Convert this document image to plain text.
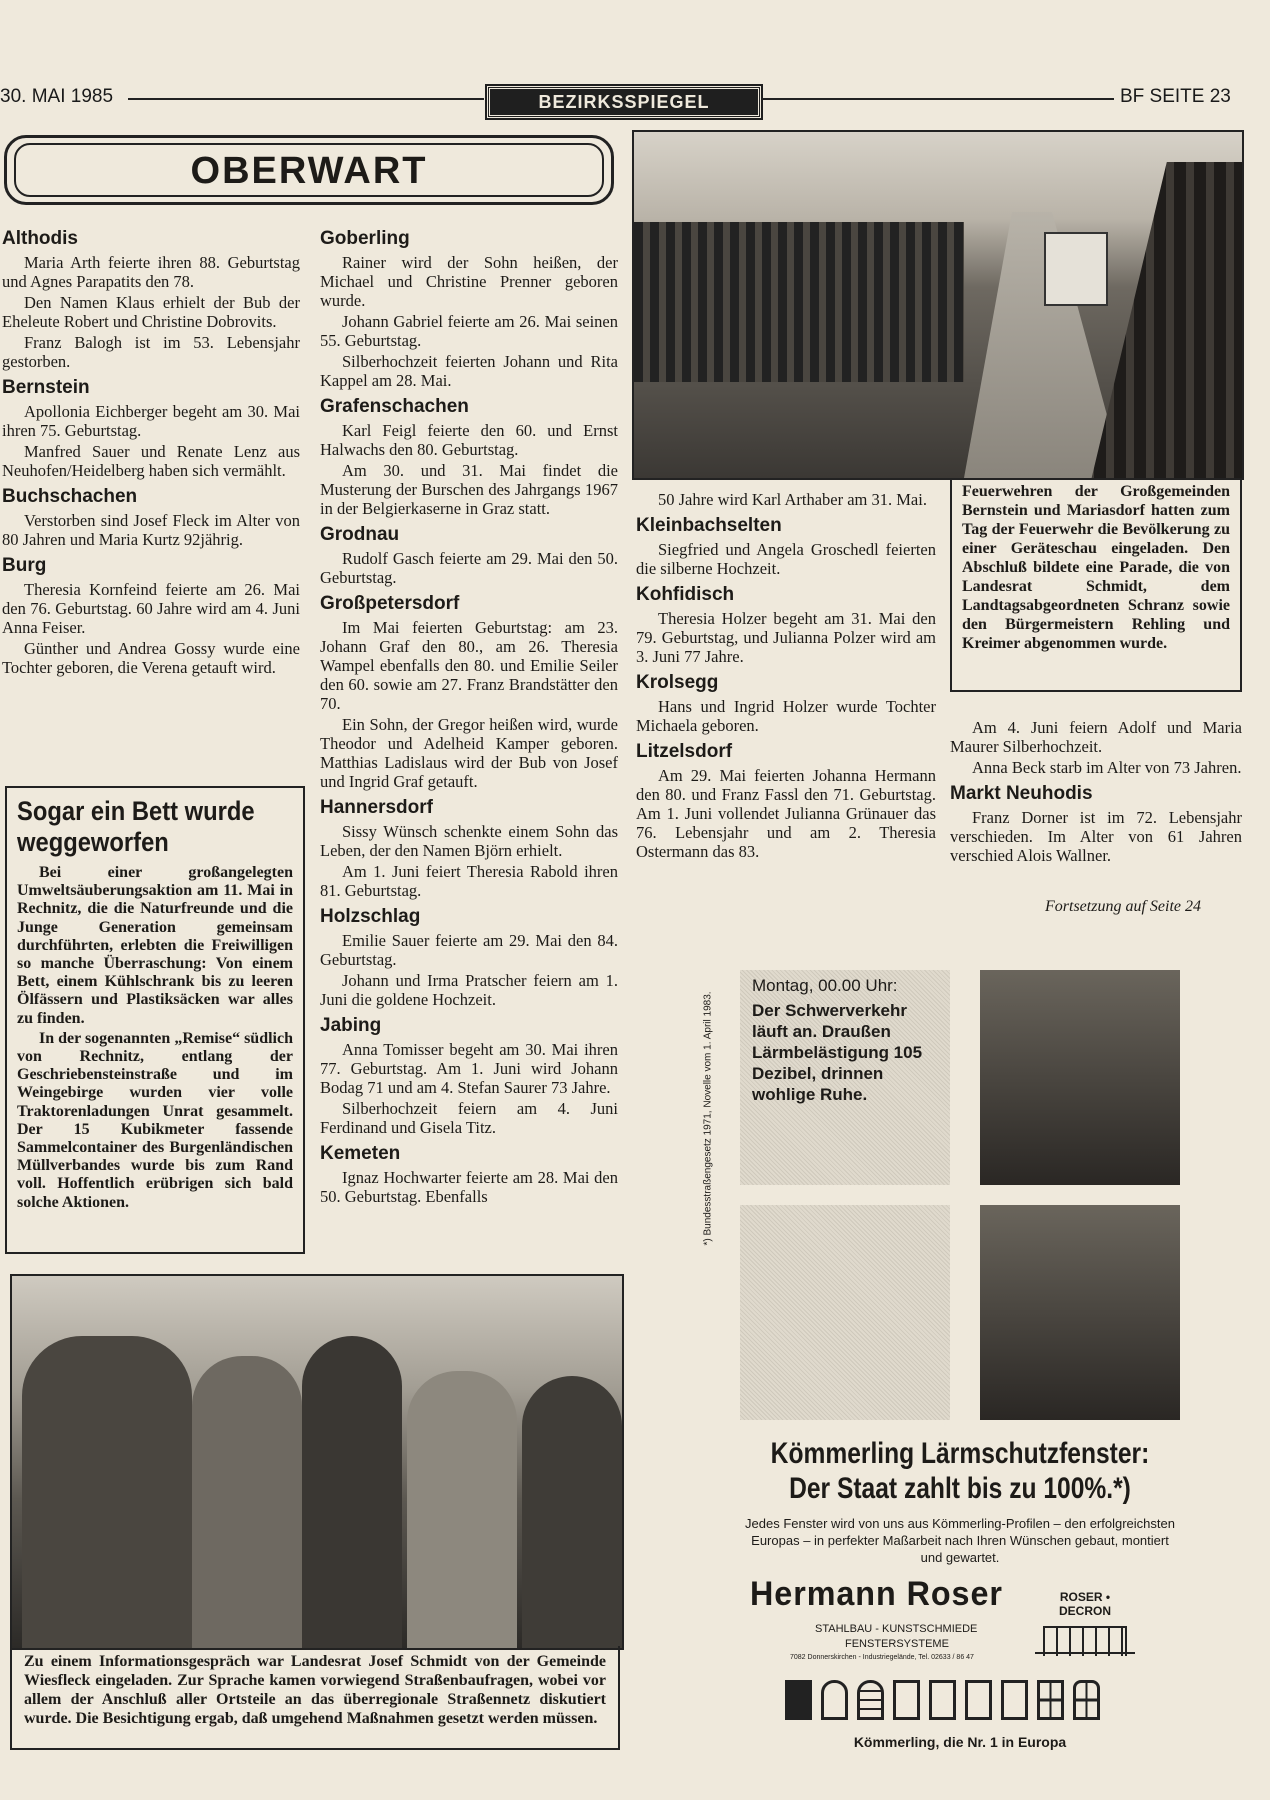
30. MAI 1985	BEZIRKSSPIEGEL	BF SEITE 23
OBERWART
Althodis

Maria Arth feierte ihren 88. Geburtstag und Agnes Parapatits den 78.

Den Namen Klaus erhielt der Bub der Eheleute Robert und Christine Dobrovits.

Franz Balogh ist im 53. Lebensjahr gestorben.

Bernstein

Apollonia Eichberger begeht am 30. Mai ihren 75. Geburtstag.

Manfred Sauer und Renate Lenz aus Neuhofen/Heidelberg haben sich vermählt.

Buchschachen

Verstorben sind Josef Fleck im Alter von 80 Jahren und Maria Kurtz 92jährig.

Burg

Theresia Kornfeind feierte am 26. Mai den 76. Geburtstag. 60 Jahre wird am 4. Juni Anna Feiser.

Günther und Andrea Gossy wurde eine Tochter geboren, die Verena getauft wird.

Sogar ein Bett wurde weggeworfen

Bei einer großangelegten Umweltsäuberungsaktion am 11. Mai in Rechnitz, die die Naturfreunde und die Junge Generation gemeinsam durchführten, erlebten die Freiwilligen so manche Überraschung: Von einem Bett, einem Kühlschrank bis zu leeren Ölfässern und Plastiksäcken war alles zu finden.

In der sogenannten „Remise“ südlich von Rechnitz, entlang der Geschriebensteinstraße und im Weingebirge wurden vier volle Traktorenladungen Unrat gesammelt. Der 15 Kubikmeter fassende Sammelcontainer des Burgenländischen Müllverbandes wurde bis zum Rand voll. Hoffentlich erübrigen sich bald solche Aktionen.

Goberling

Rainer wird der Sohn heißen, der Michael und Christine Prenner geboren wurde.

Johann Gabriel feierte am 26. Mai seinen 55. Geburtstag.

Silberhochzeit feierten Johann und Rita Kappel am 28. Mai.

Grafenschachen

Karl Feigl feierte den 60. und Ernst Halwachs den 80. Geburtstag.

Am 30. und 31. Mai findet die Musterung der Burschen des Jahrgangs 1967 in der Belgierkaserne in Graz statt.

Grodnau

Rudolf Gasch feierte am 29. Mai den 50. Geburtstag.

Großpetersdorf

Im Mai feierten Geburtstag: am 23. Johann Graf den 80., am 26. Theresia Wampel ebenfalls den 80. und Emilie Seiler den 60. sowie am 27. Franz Brandstätter den 70.

Ein Sohn, der Gregor heißen wird, wurde Theodor und Adelheid Kamper geboren. Matthias Ladislaus wird der Bub von Josef und Ingrid Graf getauft.

Hannersdorf

Sissy Wünsch schenkte einem Sohn das Leben, der den Namen Björn erhielt.

Am 1. Juni feiert Theresia Rabold ihren 81. Geburtstag.

Holzschlag

Emilie Sauer feierte am 29. Mai den 84. Geburtstag.

Johann und Irma Pratscher feiern am 1. Juni die goldene Hochzeit.

Jabing

Anna Tomisser begeht am 30. Mai ihren 77. Geburtstag. Am 1. Juni wird Johann Bodag 71 und am 4. Stefan Saurer 73 Jahre.

Silberhochzeit feiern am 4. Juni Ferdinand und Gisela Titz.

Kemeten

Ignaz Hochwarter feierte am 28. Mai den 50. Geburtstag. Ebenfalls

Feuerwehren der Großgemeinden Bernstein und Mariasdorf hatten zum Tag der Feuerwehr die Bevölkerung zu einer Geräteschau eingeladen. Den Abschluß bildete eine Parade, die von Landesrat Schmidt, dem Landtagsabgeordneten Schranz sowie den Bürgermeistern Rehling und Kreimer abgenommen wurde.

50 Jahre wird Karl Arthaber am 31. Mai.

Kleinbachselten

Siegfried und Angela Groschedl feierten die silberne Hochzeit.

Kohfidisch

Theresia Holzer begeht am 31. Mai den 79. Geburtstag, und Julianna Polzer wird am 3. Juni 77 Jahre.

Krolsegg

Hans und Ingrid Holzer wurde Tochter Michaela geboren.

Litzelsdorf

Am 29. Mai feierten Johanna Hermann den 80. und Franz Fassl den 71. Geburtstag. Am 1. Juni vollendet Julianna Grünauer das 76. Lebensjahr und am 2. Theresia Ostermann das 83.

Am 4. Juni feiern Adolf und Maria Maurer Silberhochzeit.

Anna Beck starb im Alter von 73 Jahren.

Markt Neuhodis

Franz Dorner ist im 72. Lebensjahr verschieden. Im Alter von 61 Jahren verschied Alois Wallner.

Fortsetzung auf Seite 24
Zu einem Informationsgespräch war Landesrat Josef Schmidt von der Gemeinde Wiesfleck eingeladen. Zur Sprache kamen vorwiegend Straßenbaufragen, wobei vor allem der Anschluß aller Ortsteile an das überregionale Straßennetz diskutiert wurde. Die Besichtigung ergab, daß umgehend Maßnahmen gesetzt werden müssen.
*) Bundesstraßengesetz 1971, Novelle vom 1. April 1983.
Montag, 00.00 Uhr:
Der Schwerverkehr läuft an. Draußen Lärmbelästigung 105 Dezibel, drinnen wohlige Ruhe.
Kömmerling Lärmschutzfenster:
Der Staat zahlt bis zu 100%.*)
Jedes Fenster wird von uns aus Kömmerling-Profilen – den erfolgreichsten Europas – in perfekter Maßarbeit nach Ihren Wünschen gebaut, montiert und gewartet.
Hermann Roser
STAHLBAU - KUNSTSCHMIEDE
FENSTERSYSTEME
7082 Donnerskirchen - Industriegelände, Tel. 02633 / 86 47
ROSER • DECRON
Kömmerling, die Nr. 1 in Europa
